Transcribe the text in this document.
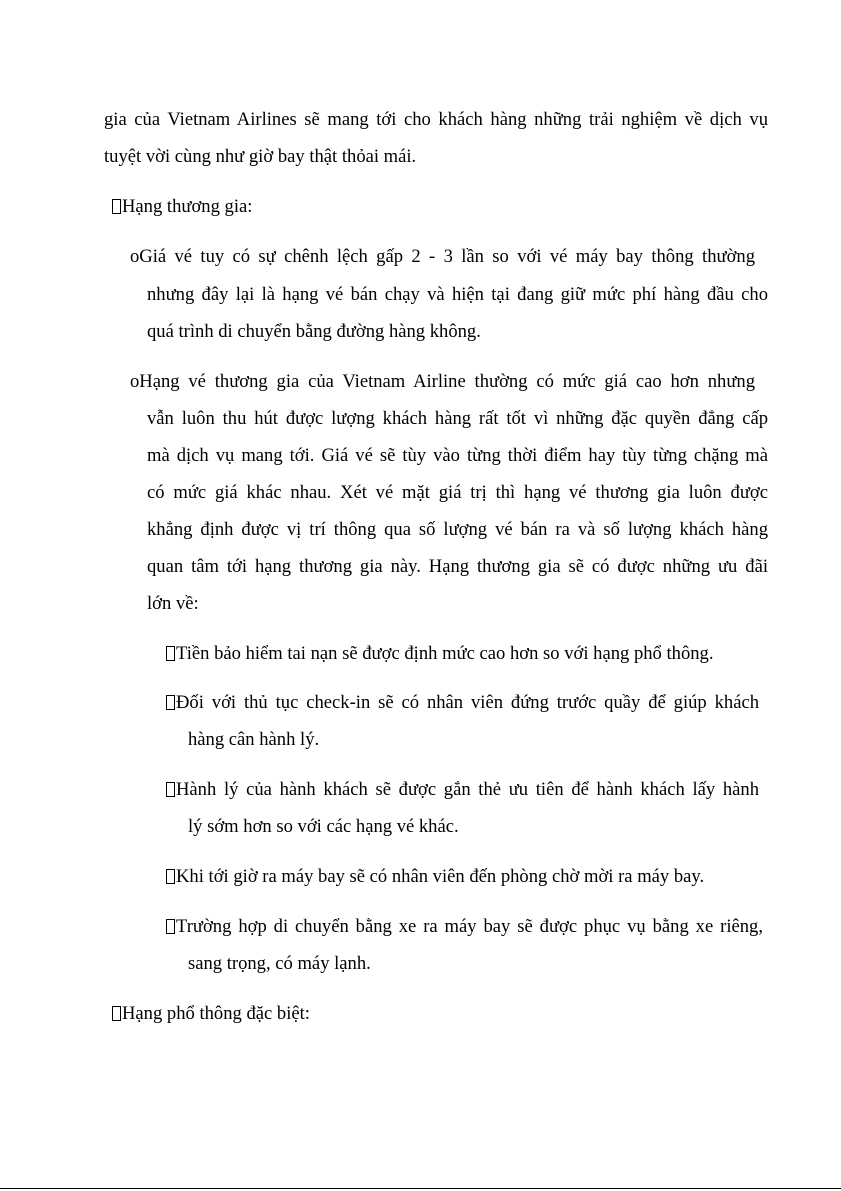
gia của Vietnam Airlines sẽ mang tới cho khách hàng những trải nghiệm về dịch vụ
tuyệt vời cùng như giờ bay thật thỏai mái.
Hạng thương gia:
oGiá vé tuy có sự chênh lệch gấp 2 - 3 lần so với vé máy bay thông thường
nhưng đây lại là hạng vé bán chạy và hiện tại đang giữ mức phí hàng đầu cho
quá trình di chuyển bằng đường hàng không.
oHạng vé thương gia của Vietnam Airline thường có mức giá cao hơn nhưng
vẫn luôn thu hút được lượng khách hàng rất tốt vì những đặc quyền đẳng cấp
mà dịch vụ mang tới. Giá vé sẽ tùy vào từng thời điểm hay tùy từng chặng mà
có mức giá khác nhau. Xét vé mặt giá trị thì hạng vé thương gia luôn được
khẳng định được vị trí thông qua số lượng vé bán ra và số lượng khách hàng
quan tâm tới hạng thương gia này. Hạng thương gia sẽ có được những ưu đãi
lớn về:
Tiền bảo hiểm tai nạn sẽ được định mức cao hơn so với hạng phổ thông.
Đối với thủ tục check-in sẽ có nhân viên đứng trước quầy để giúp khách
hàng cân hành lý.
Hành lý của hành khách sẽ được gắn thẻ ưu tiên để hành khách lấy hành
lý sớm hơn so với các hạng vé khác.
Khi tới giờ ra máy bay sẽ có nhân viên đến phòng chờ mời ra máy bay.
Trường hợp di chuyển bằng xe ra máy bay sẽ được phục vụ bằng xe riêng,
sang trọng, có máy lạnh.
Hạng phổ thông đặc biệt:
